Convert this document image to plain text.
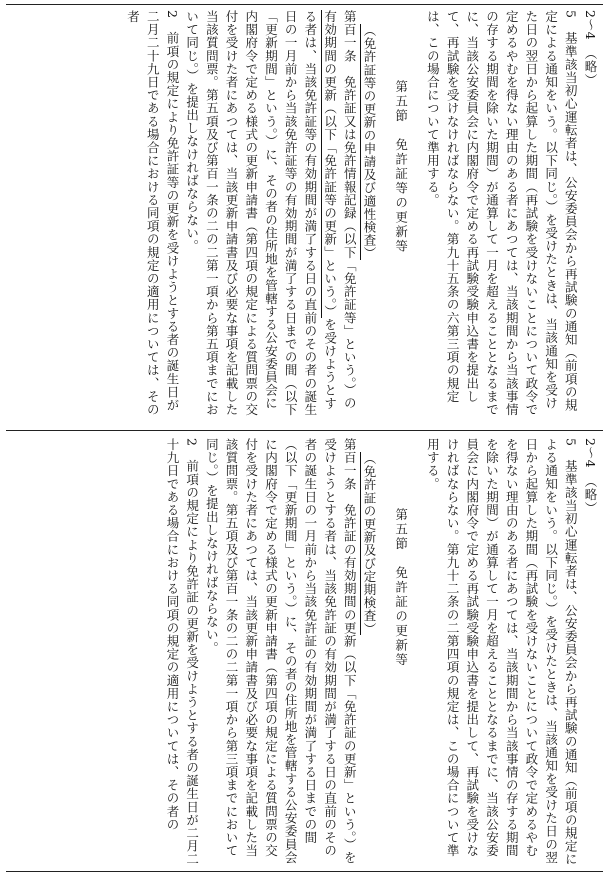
2〜4　（略）

5　基準該当初心運転者は、公安委員会から再試験の通知（前項の規定による通知をいう。以下同じ。）を受けたときは、当該通知を受けた日の翌日から起算した期間（再試験を受けないことについて政令で定めるやむを得ない理由のある者にあつては、当該期間から当該事情の存する期間を除いた期間）が通算して一月を超えることとなるまでに、当該公安委員会に内閣府令で定める再試験受験申込書を提出して、再試験を受けなければならない。第九十五条の六第三項の規定は、この場合について準用する。

第五節　免許証等の更新等

（免許証等の更新の申請及び適性検査）

第百一条　免許証又は免許情報記録（以下「免許証等」という。）の有効期間の更新（以下「免許証等の更新」という。）を受けようとする者は、当該免許証等の有効期間が満了する日の直前のその者の誕生日の一月前から当該免許証等の有効期間が満了する日までの間（以下「更新期間」という。）に、その者の住所地を管轄する公安委員会に内閣府令で定める様式の更新申請書（第四項の規定による質問票の交付を受けた者にあつては、当該更新申請書及び必要な事項を記載した当該質問票。第五項及び第百一条の二の二第一項から第五項までにおいて同じ。）を提出しなければならない。

2　前項の規定により免許証等の更新を受けようとする者の誕生日が二月二十九日である場合における同項の規定の適用については、その者

2〜4　（略）

5　基準該当初心運転者は、公安委員会から再試験の通知（前項の規定による通知をいう。以下同じ。）を受けたときは、当該通知を受けた日の翌日から起算した期間（再試験を受けないことについて政令で定めるやむを得ない理由のある者にあつては、当該期間から当該事情の存する期間を除いた期間）が通算して一月を超えることとなるまでに、当該公安委員会に内閣府令で定める再試験受験申込書を提出して、再試験を受けなければならない。第九十二条の二第四項の規定は、この場合について準用する。

第五節　免許証の更新等

（免許証の更新及び定期検査）

第百一条　免許証の有効期間の更新（以下「免許証の更新」という。）を受けようとする者は、当該免許証の有効期間が満了する日の直前のその者の誕生日の一月前から当該免許証の有効期間が満了する日までの間（以下「更新期間」という。）に、その者の住所地を管轄する公安委員会に内閣府令で定める様式の更新申請書（第四項の規定による質問票の交付を受けた者にあつては、当該更新申請書及び必要な事項を記載した当該質問票。第五項及び第百一条の二の二第一項から第三項までにおいて同じ。）を提出しなければならない。

2　前項の規定により免許証の更新を受けようとする者の誕生日が二月二十九日である場合における同項の規定の適用については、その者の
